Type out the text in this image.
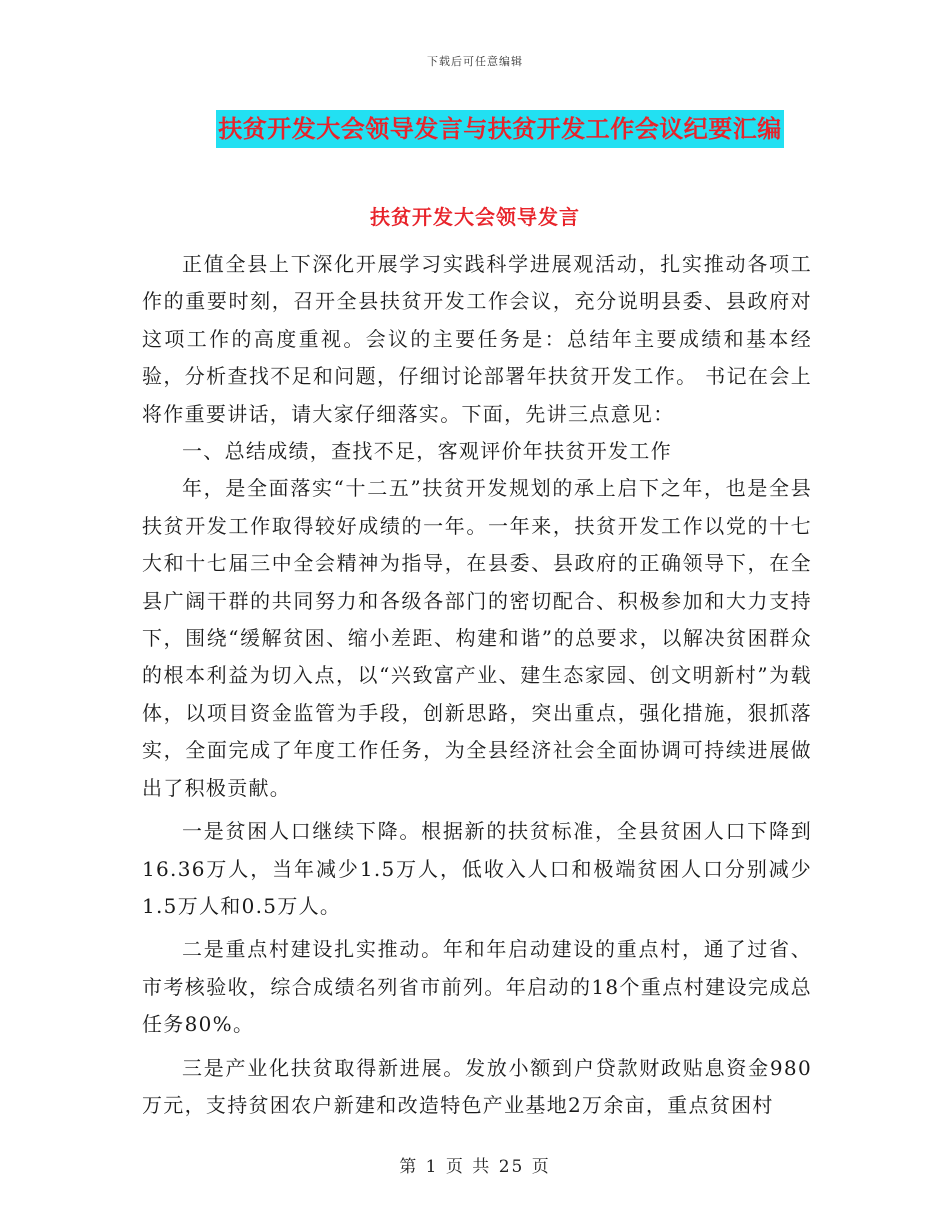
下载后可任意编辑
扶贫开发大会领导发言与扶贫开发工作会议纪要汇编
扶贫开发大会领导发言

正值全县上下深化开展学习实践科学进展观活动，扎实推动各项工作的重要时刻，召开全县扶贫开发工作会议，充分说明县委、县政府对这项工作的高度重视。会议的主要任务是：总结年主要成绩和基本经验，分析查找不足和问题，仔细讨论部署年扶贫开发工作。 书记在会上将作重要讲话，请大家仔细落实。下面，先讲三点意见：

一、总结成绩，查找不足，客观评价年扶贫开发工作

年，是全面落实“十二五”扶贫开发规划的承上启下之年，也是全县扶贫开发工作取得较好成绩的一年。一年来，扶贫开发工作以党的十七大和十七届三中全会精神为指导，在县委、县政府的正确领导下，在全县广阔干群的共同努力和各级各部门的密切配合、积极参加和大力支持下，围绕“缓解贫困、缩小差距、构建和谐”的总要求，以解决贫困群众的根本利益为切入点，以“兴致富产业、建生态家园、创文明新村”为载体，以项目资金监管为手段，创新思路，突出重点，强化措施，狠抓落实，全面完成了年度工作任务，为全县经济社会全面协调可持续进展做出了积极贡献。

一是贫困人口继续下降。根据新的扶贫标准，全县贫困人口下降到16.36万人，当年减少1.5万人，低收入人口和极端贫困人口分别减少1.5万人和0.5万人。

二是重点村建设扎实推动。年和年启动建设的重点村，通了过省、市考核验收，综合成绩名列省市前列。年启动的18个重点村建设完成总任务80%。

三是产业化扶贫取得新进展。发放小额到户贷款财政贴息资金980万元，支持贫困农户新建和改造特色产业基地2万余亩，重点贫困村

第 1 页 共 25 页
